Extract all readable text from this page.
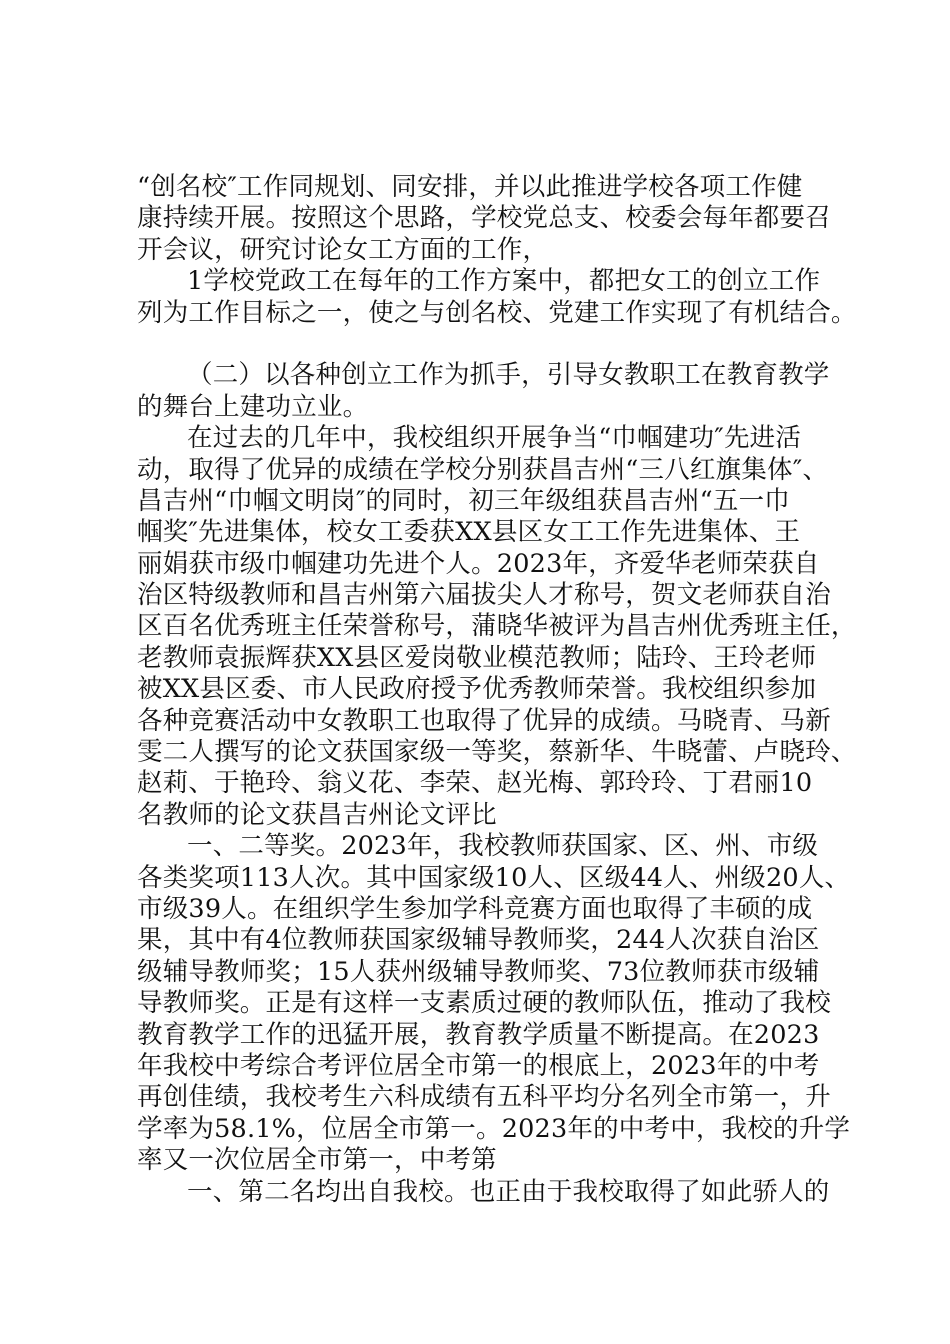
“创名校″工作同规划、同安排，并以此推进学校各项工作健
康持续开展。按照这个思路，学校党总支、校委会每年都要召
开会议，研究讨论女工方面的工作，
1学校党政工在每年的工作方案中，都把女工的创立工作
列为工作目标之一，使之与创名校、党建工作实现了有机结合。
（二）以各种创立工作为抓手，引导女教职工在教育教学
的舞台上建功立业。
在过去的几年中，我校组织开展争当“巾帼建功″先进活
动，取得了优异的成绩在学校分别获昌吉州“三八红旗集体″、
昌吉州“巾帼文明岗″的同时，初三年级组获昌吉州“五一巾
帼奖″先进集体，校女工委获XX县区女工工作先进集体、王
丽娟获市级巾帼建功先进个人。2023年，齐爱华老师荣获自
治区特级教师和昌吉州第六届拔尖人才称号，贺文老师获自治
区百名优秀班主任荣誉称号，蒲晓华被评为昌吉州优秀班主任，
老教师袁振辉获XX县区爱岗敬业模范教师；陆玲、王玲老师
被XX县区委、市人民政府授予优秀教师荣誉。我校组织参加
各种竞赛活动中女教职工也取得了优异的成绩。马晓青、马新
雯二人撰写的论文获国家级一等奖，蔡新华、牛晓蕾、卢晓玲、
赵莉、于艳玲、翁义花、李荣、赵光梅、郭玲玲、丁君丽10
名教师的论文获昌吉州论文评比
一、二等奖。2023年，我校教师获国家、区、州、市级
各类奖项113人次。其中国家级10人、区级44人、州级20人、
市级39人。在组织学生参加学科竞赛方面也取得了丰硕的成
果，其中有4位教师获国家级辅导教师奖，244人次获自治区
级辅导教师奖；15人获州级辅导教师奖、73位教师获市级辅
导教师奖。正是有这样一支素质过硬的教师队伍，推动了我校
教育教学工作的迅猛开展，教育教学质量不断提高。在2023
年我校中考综合考评位居全市第一的根底上，2023年的中考
再创佳绩，我校考生六科成绩有五科平均分名列全市第一，升
学率为58.1%，位居全市第一。2023年的中考中，我校的升学
率又一次位居全市第一，中考第
一、第二名均出自我校。也正由于我校取得了如此骄人的
